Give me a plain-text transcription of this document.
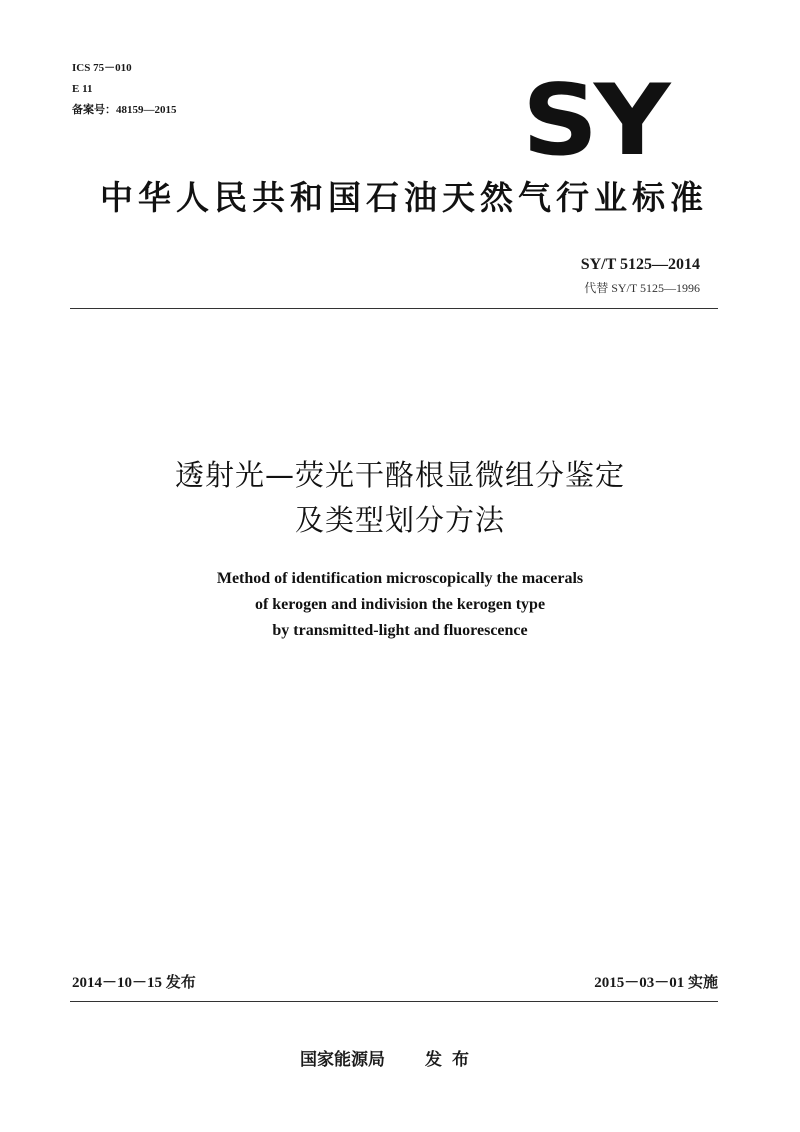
ICS 75－010
E 11
备案号：48159—2015	SY
中华人民共和国石油天然气行业标准
SY/T 5125—2014
代替 SY/T 5125—1996
透射光—荧光干酪根显微组分鉴定
及类型划分方法
Method of identification microscopically the macerals
of kerogen and indivision the kerogen type
by transmitted-light and fluorescence
2014－10－15 发布	2015－03－01 实施
国家能源局 发布
